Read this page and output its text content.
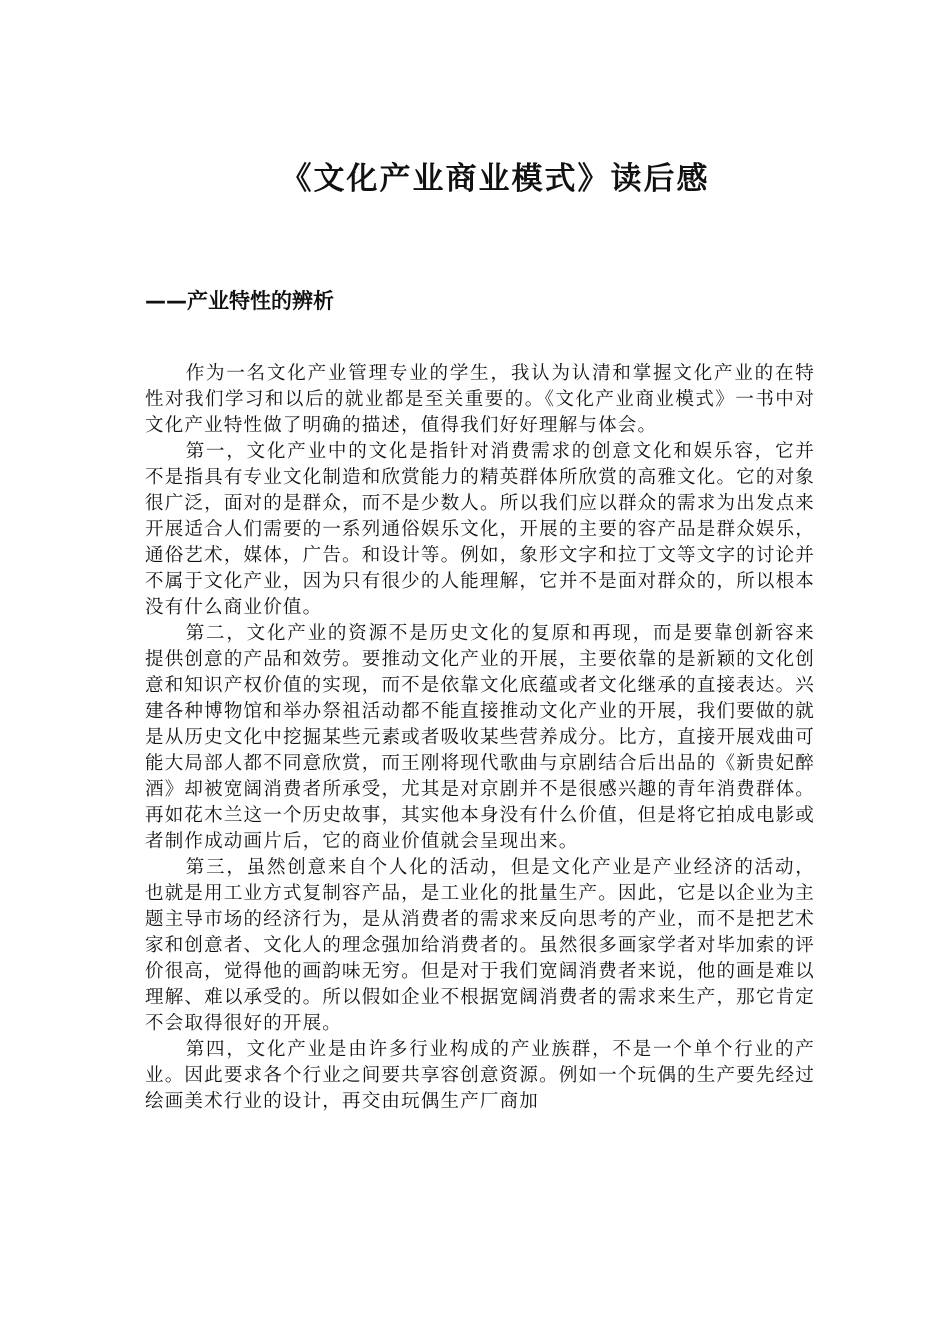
《文化产业商业模式》读后感
——产业特性的辨析

作为一名文化产业管理专业的学生，我认为认清和掌握文化产业的在特性对我们学习和以后的就业都是至关重要的。《文化产业商业模式》一书中对文化产业特性做了明确的描述，值得我们好好理解与体会。

第一，文化产业中的文化是指针对消费需求的创意文化和娱乐容，它并不是指具有专业文化制造和欣赏能力的精英群体所欣赏的高雅文化。它的对象很广泛，面对的是群众，而不是少数人。所以我们应以群众的需求为出发点来开展适合人们需要的一系列通俗娱乐文化，开展的主要的容产品是群众娱乐，通俗艺术，媒体，广告。和设计等。例如，象形文字和拉丁文等文字的讨论并不属于文化产业，因为只有很少的人能理解，它并不是面对群众的，所以根本没有什么商业价值。

第二，文化产业的资源不是历史文化的复原和再现，而是要靠创新容来提供创意的产品和效劳。要推动文化产业的开展，主要依靠的是新颖的文化创意和知识产权价值的实现，而不是依靠文化底蕴或者文化继承的直接表达。兴建各种博物馆和举办祭祖活动都不能直接推动文化产业的开展，我们要做的就是从历史文化中挖掘某些元素或者吸收某些营养成分。比方，直接开展戏曲可能大局部人都不同意欣赏，而王刚将现代歌曲与京剧结合后出品的《新贵妃醉酒》却被宽阔消费者所承受，尤其是对京剧并不是很感兴趣的青年消费群体。再如花木兰这一个历史故事，其实他本身没有什么价值，但是将它拍成电影或者制作成动画片后，它的商业价值就会呈现出来。

第三，虽然创意来自个人化的活动，但是文化产业是产业经济的活动，也就是用工业方式复制容产品，是工业化的批量生产。因此，它是以企业为主题主导市场的经济行为，是从消费者的需求来反向思考的产业，而不是把艺术家和创意者、文化人的理念强加给消费者的。虽然很多画家学者对毕加索的评价很高，觉得他的画韵味无穷。但是对于我们宽阔消费者来说，他的画是难以理解、难以承受的。所以假如企业不根据宽阔消费者的需求来生产，那它肯定不会取得很好的开展。

第四，文化产业是由许多行业构成的产业族群，不是一个单个行业的产业。因此要求各个行业之间要共享容创意资源。例如一个玩偶的生产要先经过绘画美术行业的设计，再交由玩偶生产厂商加
